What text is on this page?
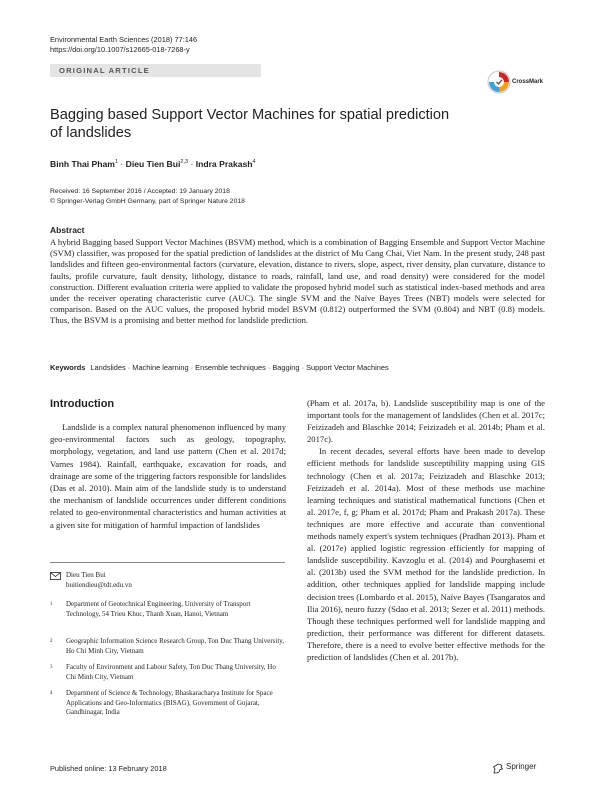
Environmental Earth Sciences (2018) 77:146
https://doi.org/10.1007/s12665-018-7268-y
ORIGINAL ARTICLE
CrossMark
Bagging based Support Vector Machines for spatial prediction
of landslides
Binh Thai Pham$^1$ · Dieu Tien Bui$^{2,3}$ · Indra Prakash$^4$
Received: 16 September 2016 / Accepted: 19 January 2018
© Springer-Verlag GmbH Germany, part of Springer Nature 2018
Abstract
A hybrid Bagging based Support Vector Machines (BSVM) method, which is a combination of Bagging Ensemble and Support Vector Machine (SVM) classifier, was proposed for the spatial prediction of landslides at the district of Mu Cang Chai, Viet Nam. In the present study, 248 past landslides and fifteen geo-environmental factors (curvature, elevation, distance to rivers, slope, aspect, river density, plan curvature, distance to faults, profile curvature, fault density, lithology, distance to roads, rainfall, land use, and road density) were considered for the model construction. Different evaluation criteria were applied to validate the proposed hybrid model such as statistical index-based methods and area under the receiver operating characteristic curve (AUC). The single SVM and the Naïve Bayes Trees (NBT) models were selected for comparison. Based on the AUC values, the proposed hybrid model BSVM (0.812) outperformed the SVM (0.804) and NBT (0.8) models. Thus, the BSVM is a promising and better method for landslide prediction.
Keywords Landslides · Machine learning · Ensemble techniques · Bagging · Support Vector Machines
Introduction

Landslide is a complex natural phenomenon influenced by many geo-environmental factors such as geology, topography, morphology, vegetation, and land use pattern (Chen et al. 2017d; Varnes 1984). Rainfall, earthquake, excavation for roads, and drainage are some of the triggering factors responsible for landslides (Das et al. 2010). Main aim of the landslide study is to understand the mechanism of landslide occurrences under different conditions related to geo-environmental characteristics and human activities at a given site for mitigation of harmful impaction of landslides

(Pham et al. 2017a, b). Landslide susceptibility map is one of the important tools for the management of landslides (Chen et al. 2017c; Feizizadeh and Blaschke 2014; Feizizadeh et al. 2014b; Pham et al. 2017c).

In recent decades, several efforts have been made to develop efficient methods for landslide susceptibility mapping using GIS technology (Chen et al. 2017a; Feizizadeh and Blaschke 2013; Feizizadeh et al. 2014a). Most of these methods use machine learning techniques and statistical mathematical functions (Chen et al. 2017e, f, g; Pham et al. 2017d; Pham and Prakash 2017a). These techniques are more effective and accurate than conventional methods namely expert's system techniques (Pradhan 2013). Pham et al. (2017e) applied logistic regression efficiently for mapping of landslide susceptibility. Kavzoglu et al. (2014) and Pourghasemi et al. (2013b) used the SVM method for the landslide prediction. In addition, other techniques applied for landslide mapping include decision trees (Lombardo et al. 2015), Naïve Bayes (Tsangaratos and Ilia 2016), neuro fuzzy (Sdao et al. 2013; Sezer et al. 2011) methods. Though these techniques performed well for landslide mapping and prediction, their performance was different for different datasets. Therefore, there is a need to evolve better effective methods for the prediction of landslides (Chen et al. 2017b).

Dieu Tien Bui
buitiendieu@tdt.edu.vn
1 Department of Geotechnical Engineering, University of Transport Technology, 54 Trieu Khuc, Thanh Xuan, Hanoi, Vietnam
2 Geographic Information Science Research Group, Ton Duc Thang University, Ho Chi Minh City, Vietnam
3 Faculty of Environment and Labour Safety, Ton Duc Thang University, Ho Chi Minh City, Vietnam
4 Department of Science & Technology, Bhaskaracharya Institute for Space Applications and Geo-Informatics (BISAG), Government of Gujarat, Gandhinagar, India
Published online: 13 February 2018	Springer
